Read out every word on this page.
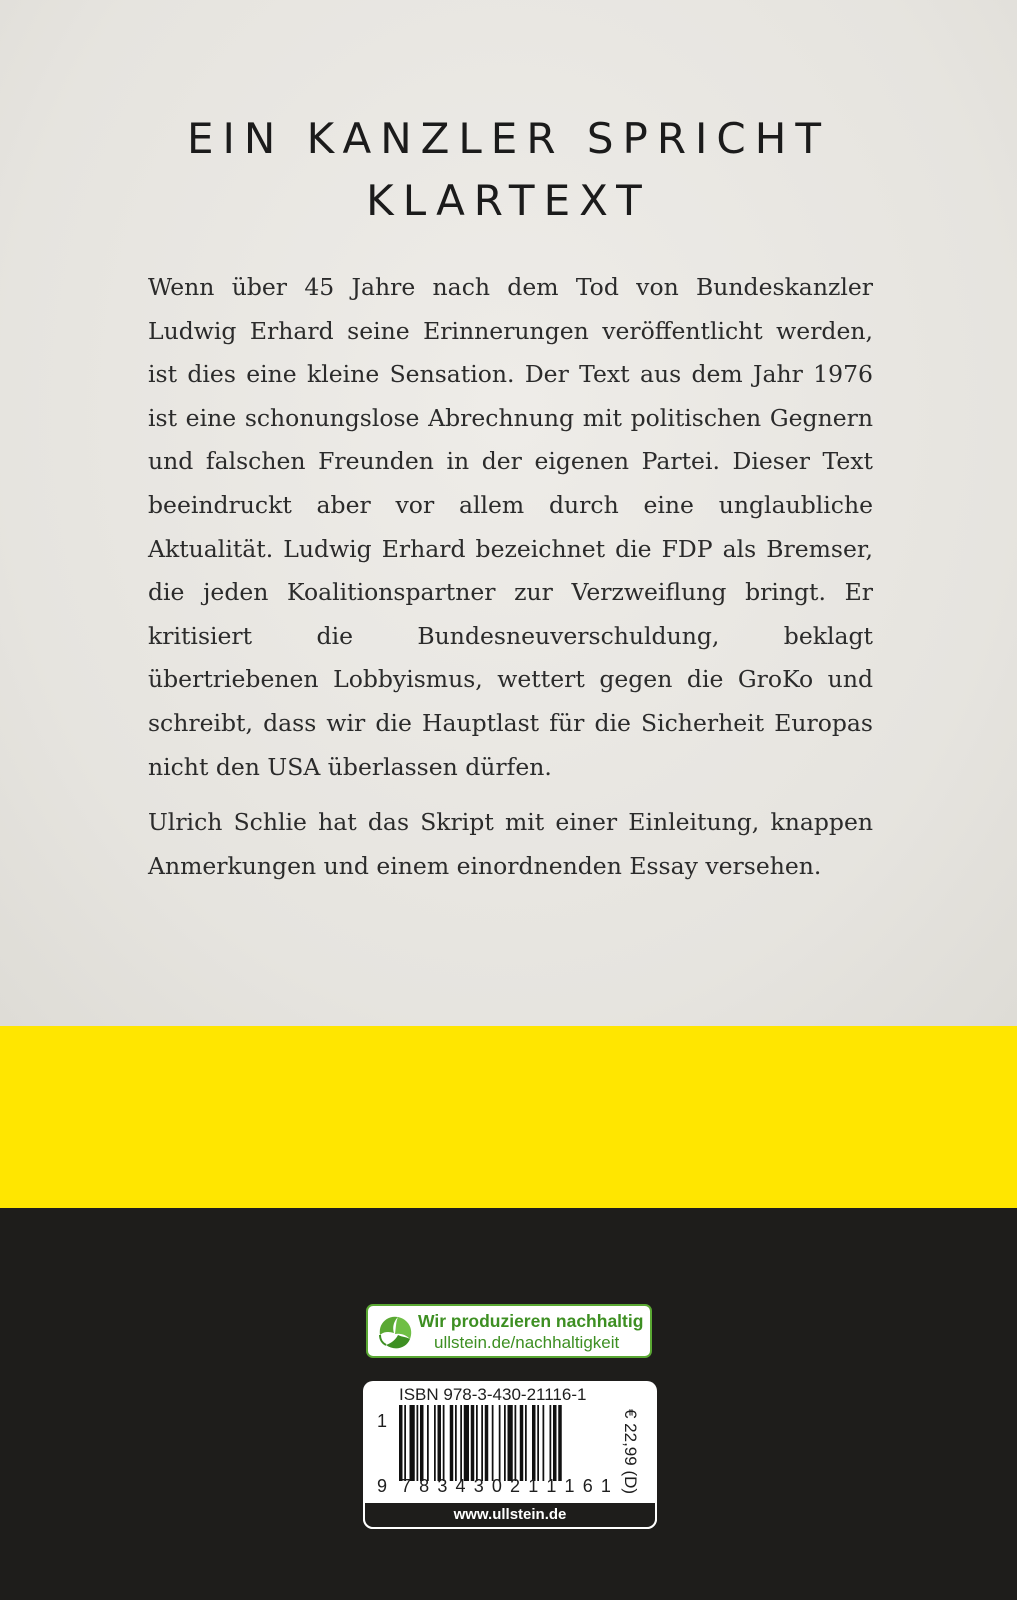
EIN KANZLER SPRICHT
KLARTEXT

Wenn über 45 Jahre nach dem Tod von Bundeskanzler Ludwig Erhard seine Erinnerungen veröffentlicht werden, ist dies eine kleine Sensation. Der Text aus dem Jahr 1976 ist eine schonungslose Abrechnung mit politischen Gegnern und falschen Freunden in der eigenen Partei. Dieser Text beeindruckt aber vor allem durch eine unglaubliche Aktualität. Ludwig Erhard bezeichnet die FDP als Bremser, die jeden Koalitionspartner zur Verzweiflung bringt. Er kritisiert die Bundesneuverschuldung, beklagt übertriebenen Lobbyismus, wettert gegen die GroKo und schreibt, dass wir die Hauptlast für die Sicherheit Europas nicht den USA überlassen dürfen.

Ulrich Schlie hat das Skript mit einer Einleitung, knappen Anmerkungen und einem einordnenden Essay versehen.

Wir produzieren nachhaltig
ullstein.de/nachhaltigkeit
ISBN 978-3-430-21116-1
1
9 7 8 3 4 3 0 2 1 1 1 6 1 € 22,99 (D)
www.ullstein.de
